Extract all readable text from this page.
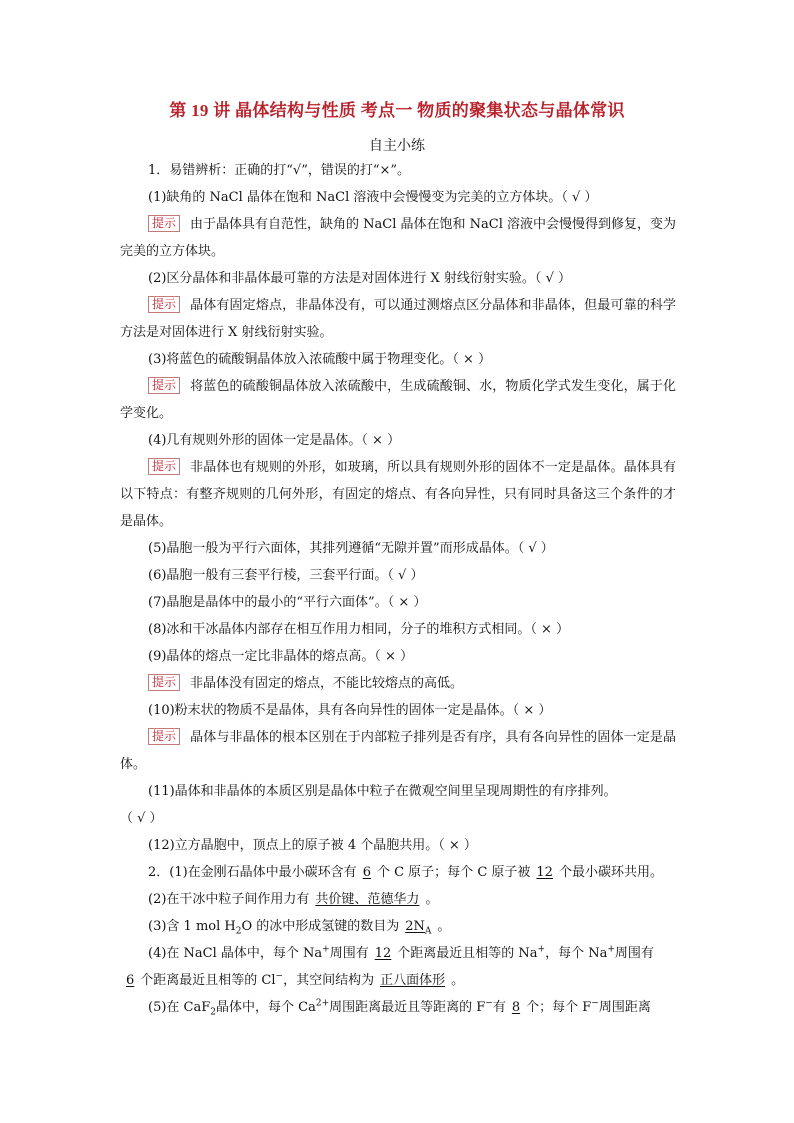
第 19 讲 晶体结构与性质 考点一 物质的聚集状态与晶体常识
自主小练
1．易错辨析：正确的打“√”，错误的打“×”。
(1)缺角的 NaCl 晶体在饱和 NaCl 溶液中会慢慢变为完美的立方体块。（ √ ）
提示 由于晶体具有自范性，缺角的 NaCl 晶体在饱和 NaCl 溶液中会慢慢得到修复，变为完美的立方体块。
(2)区分晶体和非晶体最可靠的方法是对固体进行 X 射线衍射实验。（ √ ）
提示 晶体有固定熔点，非晶体没有，可以通过测熔点区分晶体和非晶体，但最可靠的科学方法是对固体进行 X 射线衍射实验。
(3)将蓝色的硫酸铜晶体放入浓硫酸中属于物理变化。（ × ）
提示 将蓝色的硫酸铜晶体放入浓硫酸中，生成硫酸铜、水，物质化学式发生变化，属于化学变化。
(4)几有规则外形的固体一定是晶体。（ × ）
提示 非晶体也有规则的外形，如玻璃，所以具有规则外形的固体不一定是晶体。晶体具有以下特点：有整齐规则的几何外形，有固定的熔点、有各向异性，只有同时具备这三个条件的才是晶体。
(5)晶胞一般为平行六面体，其排列遵循“无隙并置”而形成晶体。（ √ ）
(6)晶胞一般有三套平行棱，三套平行面。（ √ ）
(7)晶胞是晶体中的最小的“平行六面体”。（ × ）
(8)冰和干冰晶体内部存在相互作用力相同，分子的堆积方式相同。（ × ）
(9)晶体的熔点一定比非晶体的熔点高。（ × ）
提示 非晶体没有固定的熔点，不能比较熔点的高低。
(10)粉末状的物质不是晶体，具有各向异性的固体一定是晶体。（ × ）
提示 晶体与非晶体的根本区别在于内部粒子排列是否有序，具有各向异性的固体一定是晶体。
(11)晶体和非晶体的本质区别是晶体中粒子在微观空间里呈现周期性的有序排列。
（ √ ）
(12)立方晶胞中，顶点上的原子被 4 个晶胞共用。（ × ）
2．(1)在金刚石晶体中最小碳环含有 6 个 C 原子；每个 C 原子被 12 个最小碳环共用。
(2)在干冰中粒子间作用力有 共价键、范德华力 。
(3)含 1 mol $H_2O$ 的冰中形成氢键的数目为 $2N_A$ 。
(4)在 NaCl 晶体中，每个 Na+周围有 12 个距离最近且相等的 Na+，每个 Na+周围有
6 个距离最近且相等的 Cl−，其空间结构为 正八面体形 。
(5)在 CaF$_2$晶体中，每个 $Ca^{2+}$周围距离最近且等距离的 F−有 8 个；每个 F−周围距离
